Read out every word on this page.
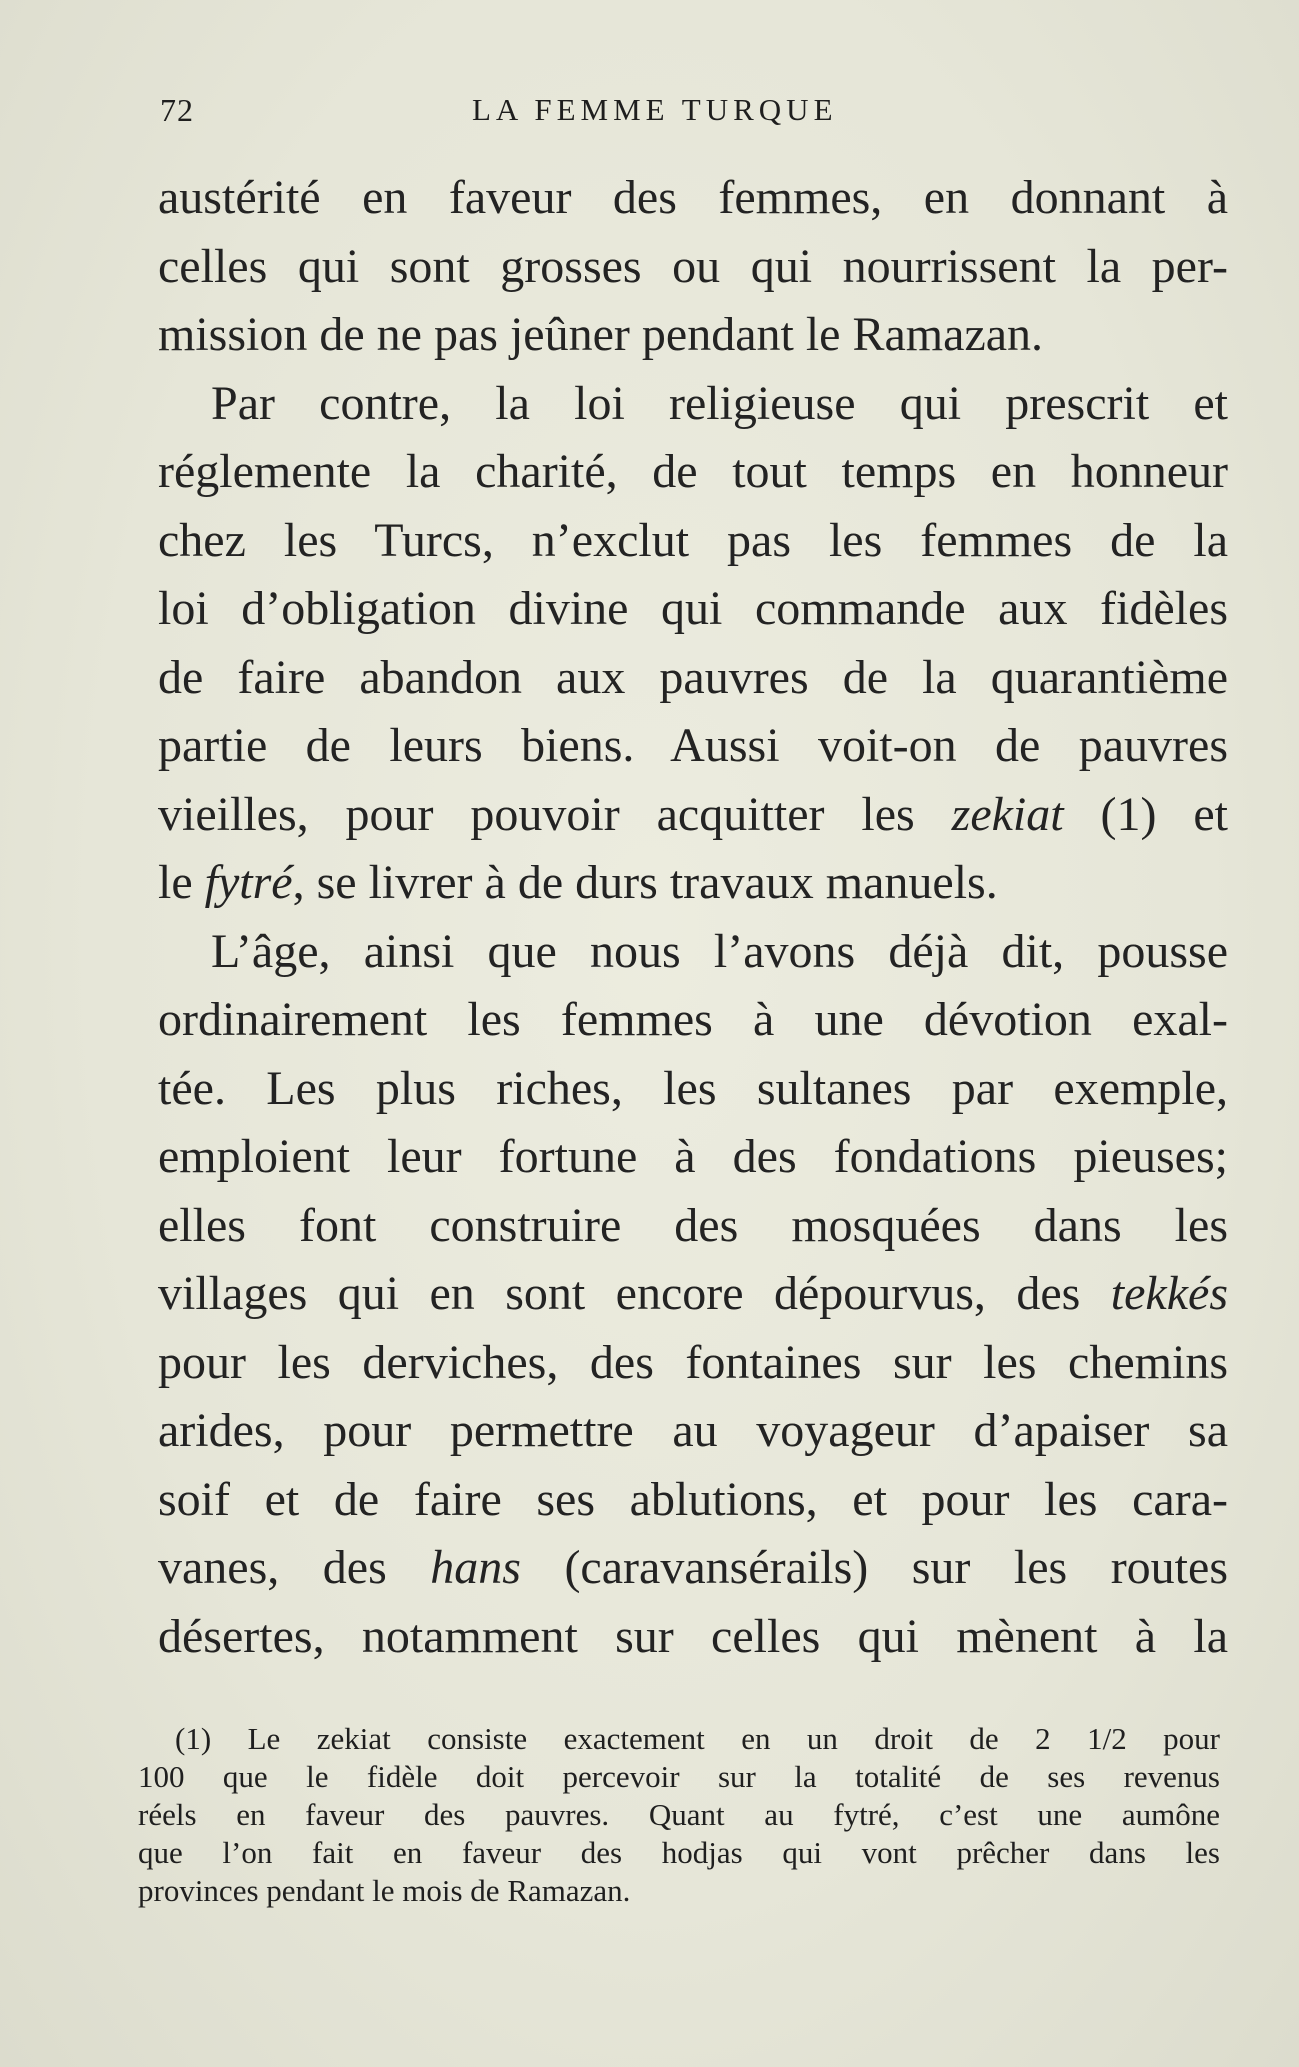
72	LA FEMME TURQUE
austérité en faveur des femmes, en donnant à
celles qui sont grosses ou qui nourrissent la per-
mission de ne pas jeûner pendant le Ramazan.
Par contre, la loi religieuse qui prescrit et
réglemente la charité, de tout temps en honneur
chez les Turcs, n’exclut pas les femmes de la
loi d’obligation divine qui commande aux fidèles
de faire abandon aux pauvres de la quarantième
partie de leurs biens. Aussi voit-on de pauvres
vieilles, pour pouvoir acquitter les zekiat (1) et
le fytré, se livrer à de durs travaux manuels.
L’âge, ainsi que nous l’avons déjà dit, pousse
ordinairement les femmes à une dévotion exal-
tée. Les plus riches, les sultanes par exemple,
emploient leur fortune à des fondations pieuses;
elles font construire des mosquées dans les
villages qui en sont encore dépourvus, des tekkés
pour les derviches, des fontaines sur les chemins
arides, pour permettre au voyageur d’apaiser sa
soif et de faire ses ablutions, et pour les cara-
vanes, des hans (caravansérails) sur les routes
désertes, notamment sur celles qui mènent à la
(1) Le zekiat consiste exactement en un droit de 2 1/2 pour
100 que le fidèle doit percevoir sur la totalité de ses revenus
réels en faveur des pauvres. Quant au fytré, c’est une aumône
que l’on fait en faveur des hodjas qui vont prêcher dans les
provinces pendant le mois de Ramazan.
